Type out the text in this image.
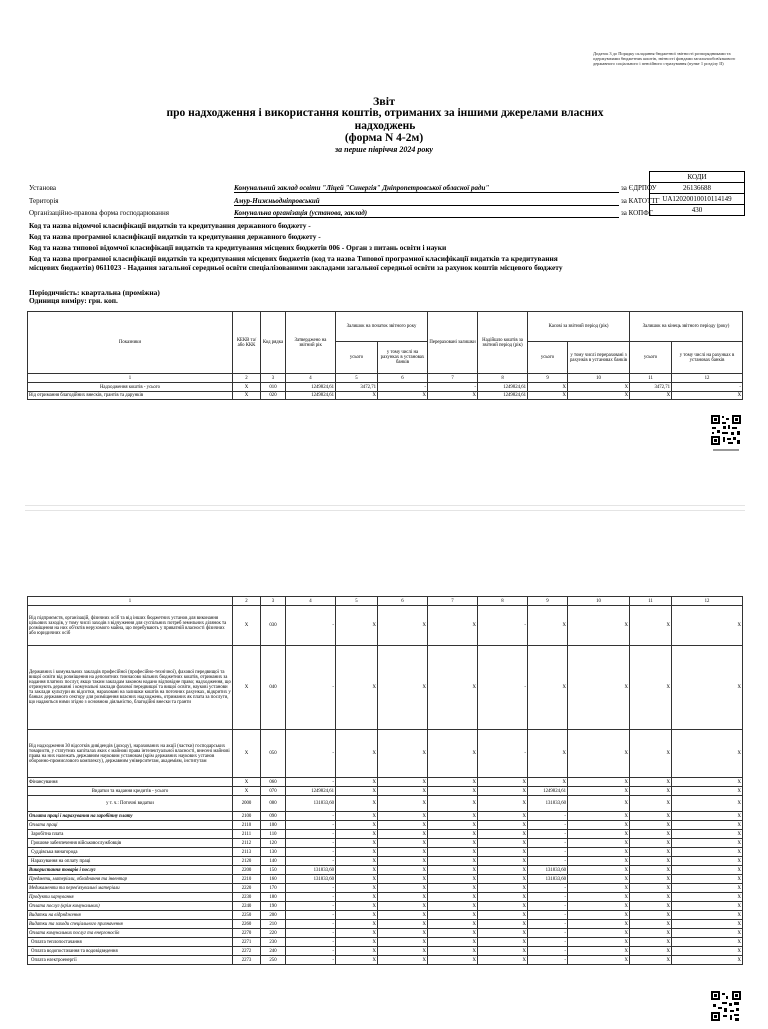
Додаток 3 до Порядку складання бюджетної звітності розпорядниками та одержувачами бюджетних коштів, звітності фондами загальнообов'язкового державного соціального і пенсійного страхування (пункт 1 розділу ІІ)
Звіт
про надходження і використання коштів, отриманих за іншими джерелами власних надходжень
(форма N 4-2м)
за перше півріччя 2024 року
КОДИ
26136688
UA12020010010114149
430
Установа	Комунальний заклад освіти "Ліцей "Синергія" Дніпропетровської обласної ради"	за ЄДРПОУ
Територія	Амур-Нижньодніпровський	за КАТОТТГ
Організаційно-правова форма господарювання	Комунальна організація (установа, заклад)	за КОПФГ
Код та назва відомчої класифікації видатків та кредитування державного бюджету -
Код та назва програмної класифікації видатків та кредитування державного бюджету -
Код та назва типової відомчої класифікації видатків та кредитування місцевих бюджетів 006 - Орган з питань освіти і науки
Код та назва програмної класифікації видатків та кредитування місцевих бюджетів (код та назва Типової програмної класифікації видатків та кредитування місцевих бюджетів) 0611023 - Надання загальної середньої освіти спеціалізованими закладами загальної середньої освіти за рахунок коштів місцевого бюджету
Періодичність: квартальна (проміжна)
Одиниця виміру: грн. коп.
Показники	КЕКВ та/або ККК	Код рядка	Затверджено на звітний рік	Залишок на початок звітного року		Перераховані залишки	Надійшло коштів за звітний період (рік)	Касові за звітний період (рік)		Залишок на кінець звітного періоду (року)	
				усього	у тому числі на рахунках в установах банків			усього	у тому числі перераховані з рахунків в установах банків	усього	у тому числі на рахунках в установах банків
1	2	3	4	5	6	7	8	9	10	11	12
Надходження коштів - усього	X	010	1249824,61	3472,71	-	-	1249824,61	X	X	3472,71	-
Від отримання благодійних внесків, грантів та дарунків	X	020	1249824,61	X	X	X	1249824,61	X	X	X	X
1	2	3	4	5	6	7	8	9	10	11	12
Від підприємств, організацій, фізичних осіб та від інших бюджетних установ для виконання цільових заходів, у тому числі заходів з відчуження для суспільних потреб земельних ділянок та розміщення на них об'єктів нерухомого майна, що перебувають у приватній власності фізичних або юридичних осіб	X	030	-	X	X	X	-	X	X	X	X
Державних і комунальних закладів професійної (професійно-технічної), фахової передвищої та вищої освіти від розміщення на депозитних тимчасово вільних бюджетних коштів, отриманих за надання платних послуг, якщо таким закладам законом надано відповідне право; надходження, що отримують державні і комунальні заклади фахової передвищої та вищої освіти, наукові установи та заклади культури як відсотки, нараховані на залишки коштів на поточних рахунках, відкритих у банках державного сектору для розміщення власних надходжень, отриманих як плата за послуги, що надаються ними згідно з основною діяльністю, благодійні внески та гранти	X	040	-	X	X	X	-	X	X	X	X
Від надходження 30 відсотків дивідендів (доходу), нарахованих на акції (частки) господарських товариств, у статутних капіталах яких є майнові права інтелектуальної власності, внесені майнові права на них належать державним науковим установам (крім державних наукових установ оборонно-промислового комплексу), державним університетам, академіям, інститутам	X	050	-	X	X	X	-	X	X	X	X
Фінансування	X	060	-	X	X	X	X	X	X	X	X
Видатки та надання кредитів - усього	X	070	1249824,61	X	X	X	X	1249824,61	X	X	X
у т. ч.: Поточні видатки	2000	080	131833,60	X	X	X	X	131833,60	X	X	X
Оплата праці і нарахування на заробітну плату	2100	090	-	X	X	X	X	-	X	X	X
Оплата праці	2110	100	-	X	X	X	X	-	X	X	X
Заробітна плата	2111	110	-	X	X	X	X	-	X	X	X
Грошове забезпечення військовослужбовців	2112	120	-	X	X	X	X	-	X	X	X
Суддівська винагорода	2113	130	-	X	X	X	X	-	X	X	X
Нарахування на оплату праці	2120	140	-	X	X	X	X	-	X	X	X
Використання товарів і послуг	2200	150	131833,60	X	X	X	X	131833,60	X	X	X
Предмети, матеріали, обладнання та інвентар	2210	160	131833,60	X	X	X	X	131833,60	X	X	X
Медикаменти та перев'язувальні матеріали	2220	170	-	X	X	X	X	-	X	X	X
Продукти харчування	2230	180	-	X	X	X	X	-	X	X	X
Оплата послуг (крім комунальних)	2240	190	-	X	X	X	X	-	X	X	X
Видатки на відрядження	2250	200	-	X	X	X	X	-	X	X	X
Видатки та заходи спеціального призначення	2260	210	-	X	X	X	X	-	X	X	X
Оплата комунальних послуг та енергоносіїв	2270	220	-	X	X	X	X	-	X	X	X
Оплата теплопостачання	2271	230	-	X	X	X	X	-	X	X	X
Оплата водопостачання та водовідведення	2272	240	-	X	X	X	X	-	X	X	X
Оплата електроенергії	2273	250	-	X	X	X	X	-	X	X	X
